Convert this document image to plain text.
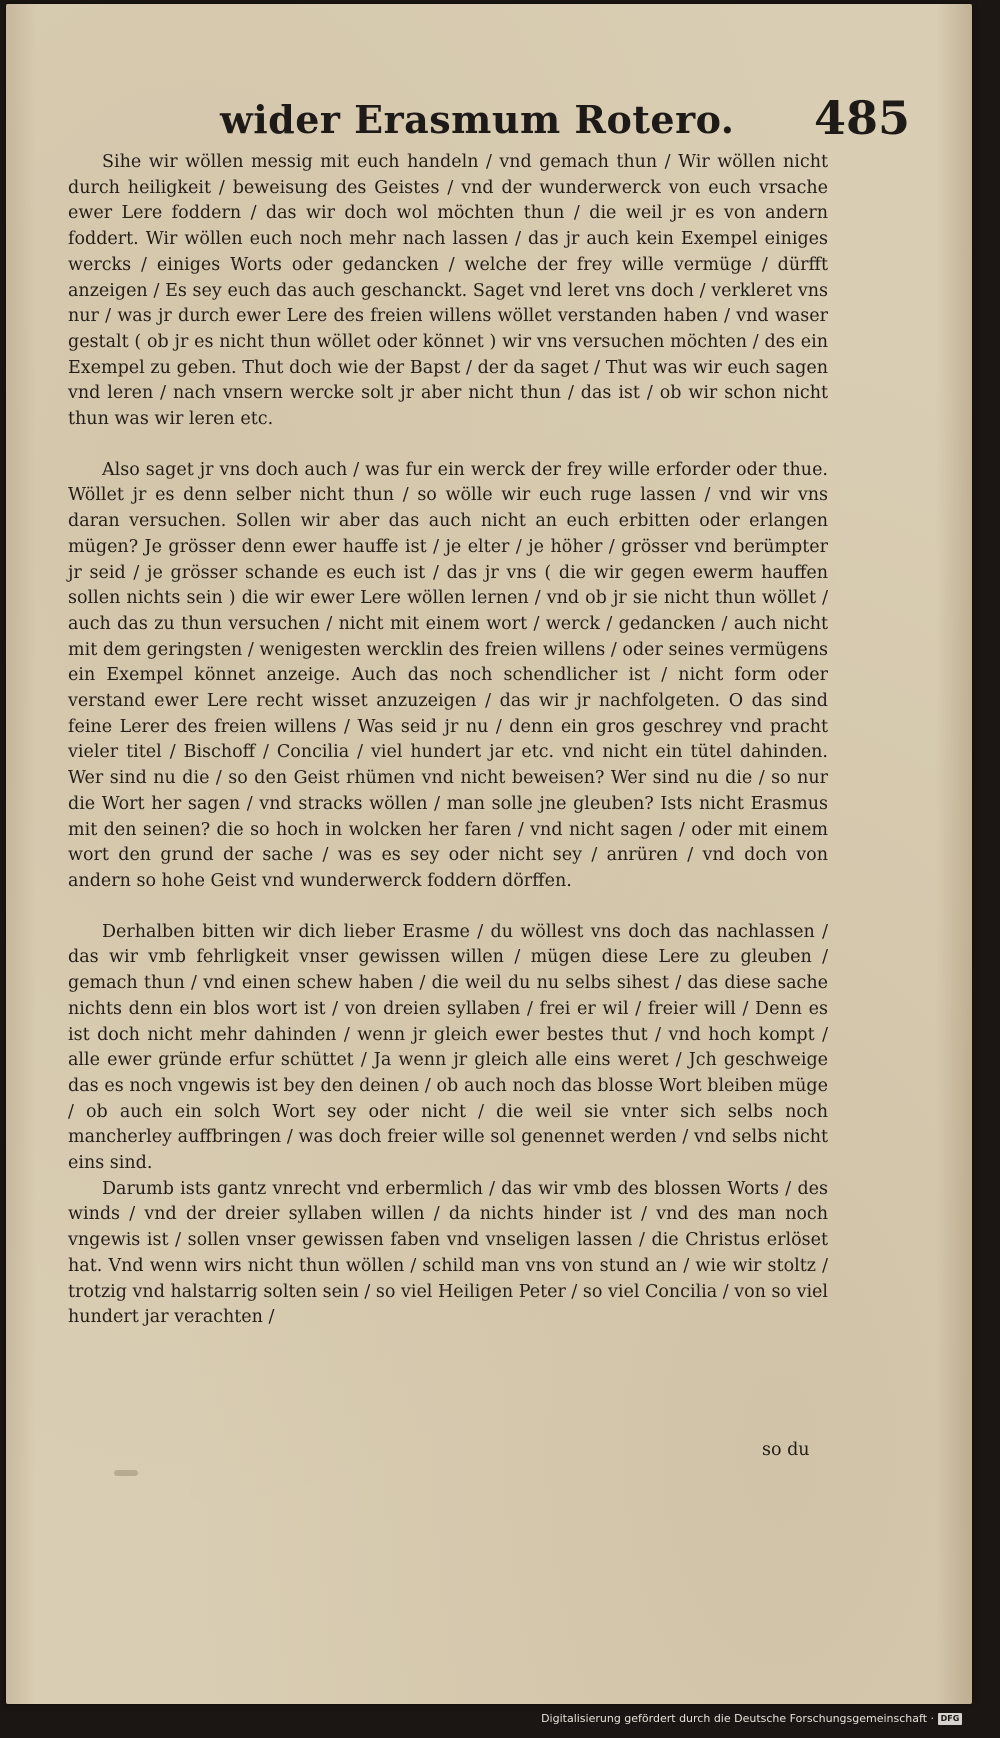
wider Erasmum Rotero. 485

Sihe wir wöllen messig mit euch handeln / vnd gemach thun / Wir wöllen nicht durch heiligkeit / beweisung des Geistes / vnd der wunderwerck von euch vrsache ewer Lere foddern / das wir doch wol möchten thun / die weil jr es von andern foddert. Wir wöllen euch noch mehr nach lassen / das jr auch kein Exempel einiges wercks / einiges Worts oder gedancken / welche der frey wille vermüge / dürfft anzeigen / Es sey euch das auch geschanckt. Saget vnd leret vns doch / verkleret vns nur / was jr durch ewer Lere des freien willens wöllet verstanden haben / vnd waser gestalt ( ob jr es nicht thun wöllet oder könnet ) wir vns versuchen möchten / des ein Exempel zu geben. Thut doch wie der Bapst / der da saget / Thut was wir euch sagen vnd leren / nach vnsern wercke solt jr aber nicht thun / das ist / ob wir schon nicht thun was wir leren etc.

Also saget jr vns doch auch / was fur ein werck der frey wille erforder oder thue. Wöllet jr es denn selber nicht thun / so wölle wir euch ruge lassen / vnd wir vns daran versuchen. Sollen wir aber das auch nicht an euch erbitten oder erlangen mügen? Je grösser denn ewer hauffe ist / je elter / je höher / grösser vnd berümpter jr seid / je grösser schande es euch ist / das jr vns ( die wir gegen ewerm hauffen sollen nichts sein ) die wir ewer Lere wöllen lernen / vnd ob jr sie nicht thun wöllet / auch das zu thun versuchen / nicht mit einem wort / werck / gedancken / auch nicht mit dem geringsten / wenigesten wercklin des freien willens / oder seines vermügens ein Exempel könnet anzeige. Auch das noch schendlicher ist / nicht form oder verstand ewer Lere recht wisset anzuzeigen / das wir jr nachfolgeten. O das sind feine Lerer des freien willens / Was seid jr nu / denn ein gros geschrey vnd pracht vieler titel / Bischoff / Concilia / viel hundert jar etc. vnd nicht ein tütel dahinden. Wer sind nu die / so den Geist rhümen vnd nicht beweisen? Wer sind nu die / so nur die Wort her sagen / vnd stracks wöllen / man solle jne gleuben? Ists nicht Erasmus mit den seinen? die so hoch in wolcken her faren / vnd nicht sagen / oder mit einem wort den grund der sache / was es sey oder nicht sey / anrüren / vnd doch von andern so hohe Geist vnd wunderwerck foddern dörffen.

Derhalben bitten wir dich lieber Erasme / du wöllest vns doch das nachlassen / das wir vmb fehrligkeit vnser gewissen willen / mügen diese Lere zu gleuben / gemach thun / vnd einen schew haben / die weil du nu selbs sihest / das diese sache nichts denn ein blos wort ist / von dreien syllaben / frei er wil / freier will / Denn es ist doch nicht mehr dahinden / wenn jr gleich ewer bestes thut / vnd hoch kompt / alle ewer gründe erfur schüttet / Ja wenn jr gleich alle eins weret / Jch geschweige das es noch vngewis ist bey den deinen / ob auch noch das blosse Wort bleiben müge / ob auch ein solch Wort sey oder nicht / die weil sie vnter sich selbs noch mancherley auffbringen / was doch freier wille sol genennet werden / vnd selbs nicht eins sind.

Darumb ists gantz vnrecht vnd erbermlich / das wir vmb des blossen Worts / des winds / vnd der dreier syllaben willen / da nichts hinder ist / vnd des man noch vngewis ist / sollen vnser gewissen faben vnd vnseligen lassen / die Christus erlöset hat. Vnd wenn wirs nicht thun wöllen / schild man vns von stund an / wie wir stoltz / trotzig vnd halstarrig solten sein / so viel Heiligen Peter / so viel Concilia / von so viel hundert jar verachten /

so du
Digitalisierung gefördert durch die Deutsche Forschungsgemeinschaft · DFG
